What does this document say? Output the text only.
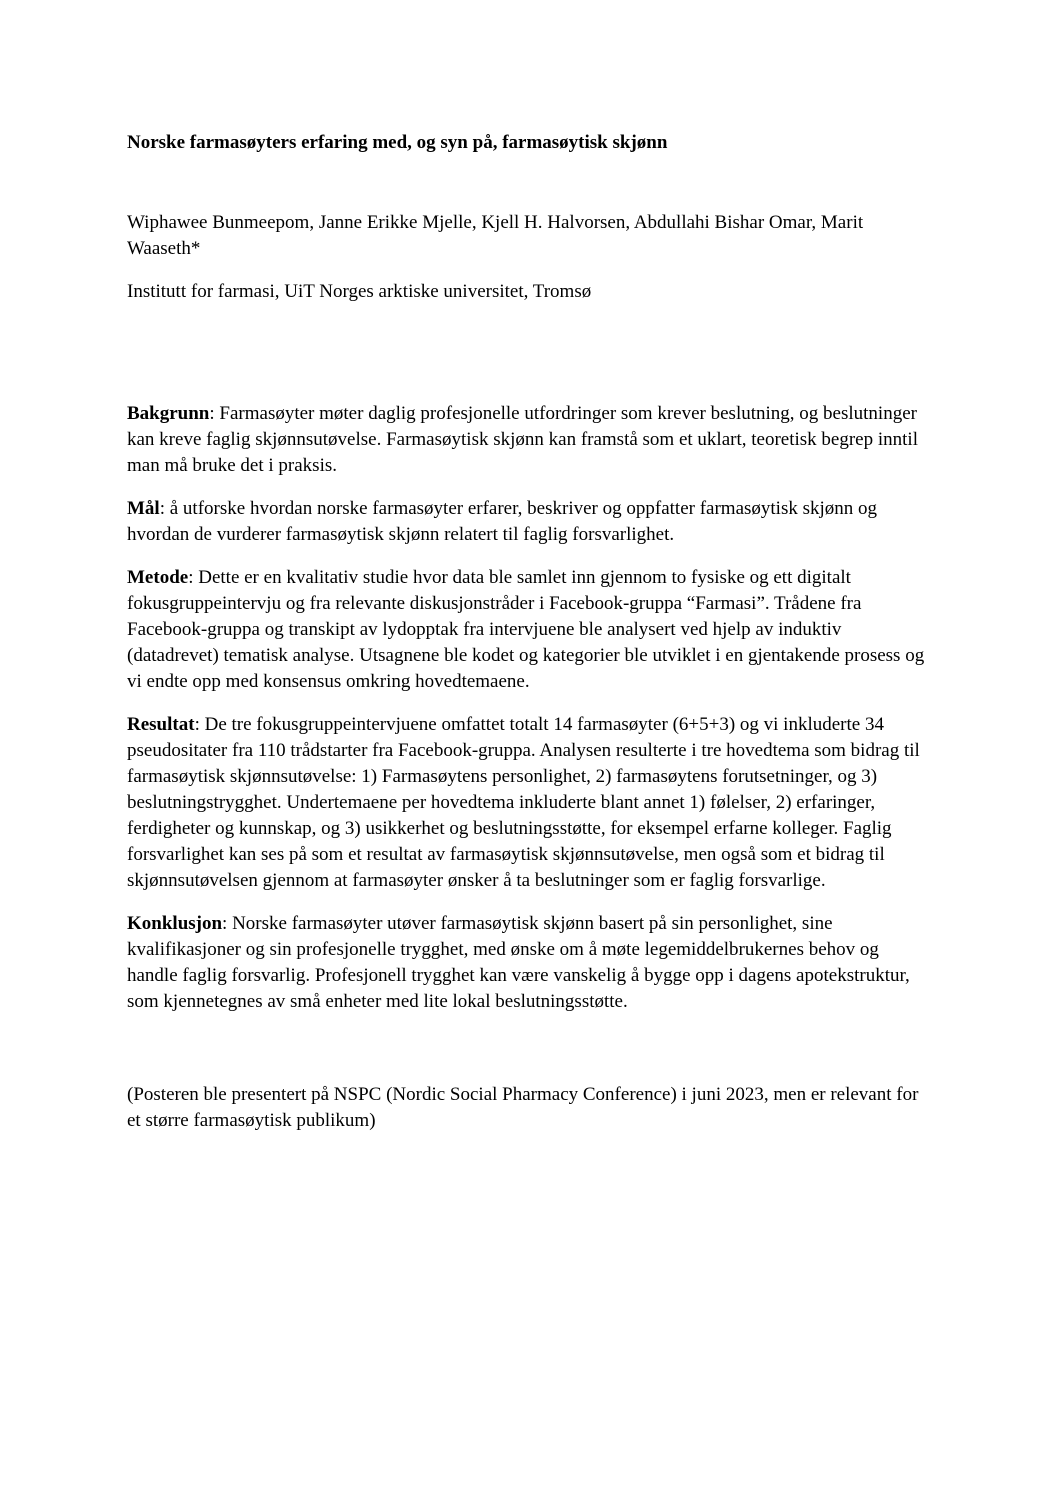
Norske farmasøyters erfaring med, og syn på, farmasøytisk skjønn

Wiphawee Bunmeepom, Janne Erikke Mjelle, Kjell H. Halvorsen, Abdullahi Bishar Omar, Marit Waaseth*

Institutt for farmasi, UiT Norges arktiske universitet, Tromsø

Bakgrunn: Farmasøyter møter daglig profesjonelle utfordringer som krever beslutning, og beslutninger kan kreve faglig skjønnsutøvelse. Farmasøytisk skjønn kan framstå som et uklart, teoretisk begrep inntil man må bruke det i praksis.

Mål: å utforske hvordan norske farmasøyter erfarer, beskriver og oppfatter farmasøytisk skjønn og hvordan de vurderer farmasøytisk skjønn relatert til faglig forsvarlighet.

Metode: Dette er en kvalitativ studie hvor data ble samlet inn gjennom to fysiske og ett digitalt fokusgruppeintervju og fra relevante diskusjonstråder i Facebook-gruppa “Farmasi”. Trådene fra Facebook-gruppa og transkipt av lydopptak fra intervjuene ble analysert ved hjelp av induktiv (datadrevet) tematisk analyse. Utsagnene ble kodet og kategorier ble utviklet i en gjentakende prosess og vi endte opp med konsensus omkring hovedtemaene.

Resultat: De tre fokusgruppeintervjuene omfattet totalt 14 farmasøyter (6+5+3) og vi inkluderte 34 pseudositater fra 110 trådstarter fra Facebook-gruppa. Analysen resulterte i tre hovedtema som bidrag til farmasøytisk skjønnsutøvelse: 1) Farmasøytens personlighet, 2) farmasøytens forutsetninger, og 3) beslutningstrygghet. Undertemaene per hovedtema inkluderte blant annet 1) følelser, 2) erfaringer, ferdigheter og kunnskap, og 3) usikkerhet og beslutningsstøtte, for eksempel erfarne kolleger. Faglig forsvarlighet kan ses på som et resultat av farmasøytisk skjønnsutøvelse, men også som et bidrag til skjønnsutøvelsen gjennom at farmasøyter ønsker å ta beslutninger som er faglig forsvarlige.

Konklusjon: Norske farmasøyter utøver farmasøytisk skjønn basert på sin personlighet, sine kvalifikasjoner og sin profesjonelle trygghet, med ønske om å møte legemiddelbrukernes behov og handle faglig forsvarlig. Profesjonell trygghet kan være vanskelig å bygge opp i dagens apotekstruktur, som kjennetegnes av små enheter med lite lokal beslutningsstøtte.

(Posteren ble presentert på NSPC (Nordic Social Pharmacy Conference) i juni 2023, men er relevant for et større farmasøytisk publikum)
